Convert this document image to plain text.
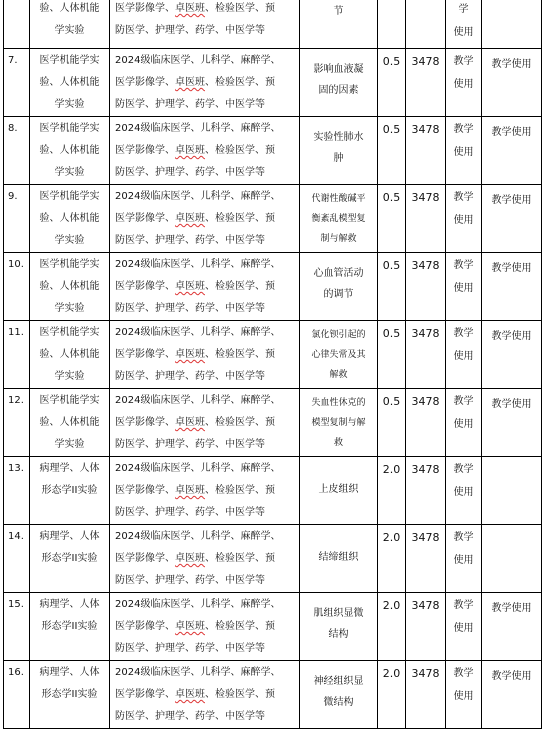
	验、人体机能
学实验	医学影像学、卓医班、检验医学、预
防医学、护理学、药学、中医学等	节			学
使用	

7.	医学机能学实
验、人体机能
学实验	2024级临床医学、儿科学、麻醉学、
医学影像学、卓医班、检验医学、预
防医学、护理学、药学、中医学等	影响血液凝
固的因素	0.5	3478	教学
使用	教学使用

8.	医学机能学实
验、人体机能
学实验	2024级临床医学、儿科学、麻醉学、
医学影像学、卓医班、检验医学、预
防医学、护理学、药学、中医学等	实验性肺水
肿	0.5	3478	教学
使用	教学使用

9.	医学机能学实
验、人体机能
学实验	2024级临床医学、儿科学、麻醉学、
医学影像学、卓医班、检验医学、预
防医学、护理学、药学、中医学等	代谢性酸碱平
衡紊乱模型复
制与解救	0.5	3478	教学
使用	教学使用

10.	医学机能学实
验、人体机能
学实验	2024级临床医学、儿科学、麻醉学、
医学影像学、卓医班、检验医学、预
防医学、护理学、药学、中医学等	心血管活动
的调节	0.5	3478	教学
使用	教学使用

11.	医学机能学实
验、人体机能
学实验	2024级临床医学、儿科学、麻醉学、
医学影像学、卓医班、检验医学、预
防医学、护理学、药学、中医学等	氯化钡引起的
心律失常及其
解救	0.5	3478	教学
使用	教学使用

12.	医学机能学实
验、人体机能
学实验	2024级临床医学、儿科学、麻醉学、
医学影像学、卓医班、检验医学、预
防医学、护理学、药学、中医学等	失血性休克的
模型复制与解
救	0.5	3478	教学
使用	教学使用

13.	病理学、人体
形态学II实验	2024级临床医学、儿科学、麻醉学、
医学影像学、卓医班、检验医学、预
防医学、护理学、药学、中医学等	上皮组织	2.0	3478	教学
使用	

14.	病理学、人体
形态学II实验	2024级临床医学、儿科学、麻醉学、
医学影像学、卓医班、检验医学、预
防医学、护理学、药学、中医学等	结缔组织	2.0	3478	教学
使用	

15.	病理学、人体
形态学II实验	2024级临床医学、儿科学、麻醉学、
医学影像学、卓医班、检验医学、预
防医学、护理学、药学、中医学等	肌组织显微
结构	2.0	3478	教学
使用	教学使用

16.	病理学、人体
形态学II实验	2024级临床医学、儿科学、麻醉学、
医学影像学、卓医班、检验医学、预
防医学、护理学、药学、中医学等	神经组织显
微结构	2.0	3478	教学
使用	教学使用
